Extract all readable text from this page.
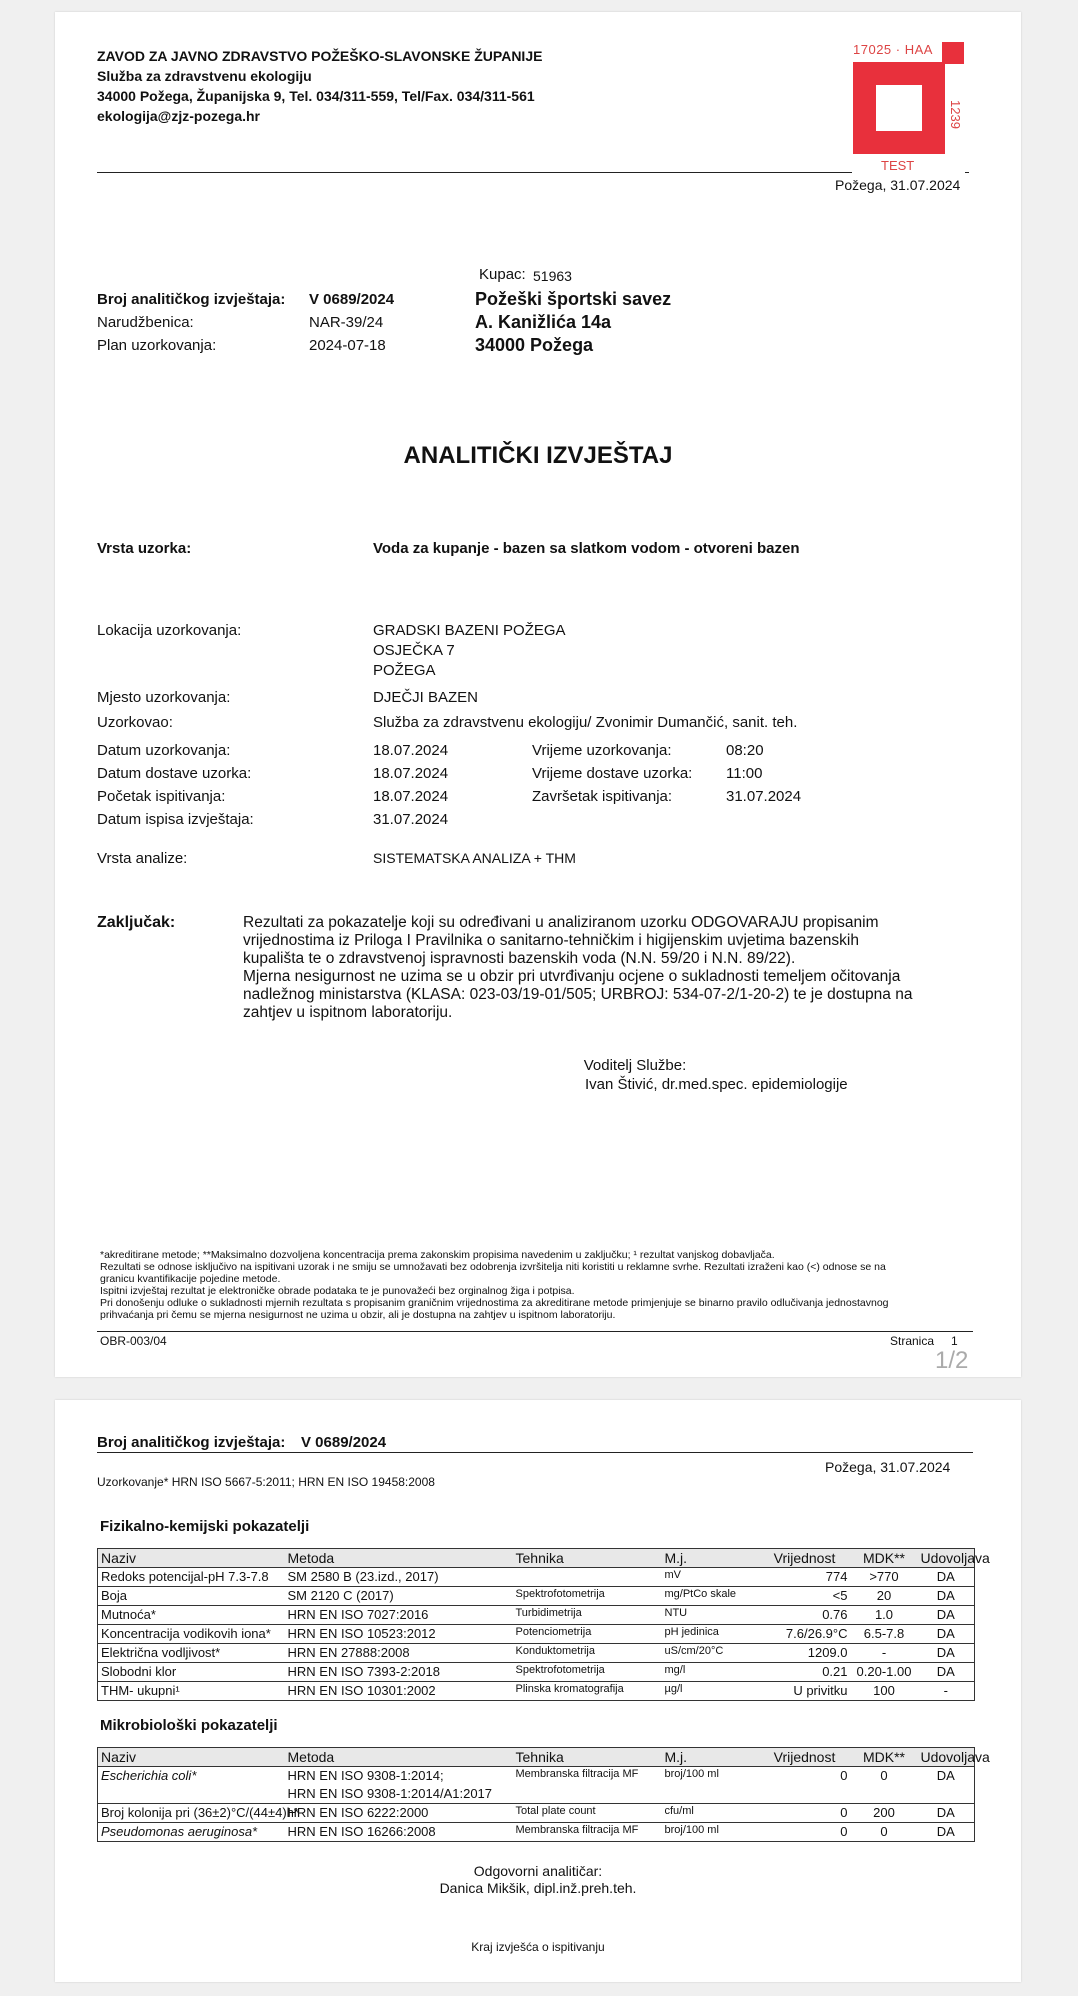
ZAVOD ZA JAVNO ZDRAVSTVO POŽEŠKO-SLAVONSKE ŽUPANIJE
Služba za zdravstvenu ekologiju
34000 Požega, Županijska 9, Tel. 034/311-559, Tel/Fax. 034/311-561
ekologija@zjz-pozega.hr
17025 · HAA
1239
TEST
Požega, 31.07.2024
Broj analitičkog izvještaja: V 0689/2024
Narudžbenica:	NAR-39/24
Plan uzorkovanja:	2024-07-18
Kupac: 51963
Požeški športski savez
A. Kanižlića 14a
34000 Požega
ANALITIČKI IZVJEŠTAJ
Vrsta uzorka:	Voda za kupanje - bazen sa slatkom vodom - otvoreni bazen
Lokacija uzorkovanja:	GRADSKI BAZENI POŽEGA
OSJEČKA 7
POŽEGA
Mjesto uzorkovanja:	DJEČJI BAZEN
Uzorkovao:	Služba za zdravstvenu ekologiju/ Zvonimir Dumančić, sanit. teh.
Datum uzorkovanja:	18.07.2024	Vrijeme uzorkovanja:	08:20
Datum dostave uzorka:	18.07.2024	Vrijeme dostave uzorka: 11:00
Početak ispitivanja:	18.07.2024	Završetak ispitivanja:	31.07.2024
Datum ispisa izvještaja:	31.07.2024
Vrsta analize:	SISTEMATSKA ANALIZA + THM
Zaključak:	Rezultati za pokazatelje koji su određivani u analiziranom uzorku ODGOVARAJU propisanim
vrijednostima iz Priloga I Pravilnika o sanitarno-tehničkim i higijenskim uvjetima bazenskih
kupališta te o zdravstvenoj ispravnosti bazenskih voda (N.N. 59/20 i N.N. 89/22).
Mjerna nesigurnost ne uzima se u obzir pri utvrđivanju ocjene o sukladnosti temeljem očitovanja
nadležnog ministarstva (KLASA: 023-03/19-01/505; URBROJ: 534-07-2/1-20-2) te je dostupna na
zahtjev u ispitnom laboratoriju.
Voditelj Službe:
Ivan Štivić, dr.med.spec. epidemiologije
*akreditirane metode; **Maksimalno dozvoljena koncentracija prema zakonskim propisima navedenim u zaključku; ¹ rezultat vanjskog dobavljača.
Rezultati se odnose isključivo na ispitivani uzorak i ne smiju se umnožavati bez odobrenja izvršitelja niti koristiti u reklamne svrhe. Rezultati izraženi kao (<) odnose se na
granicu kvantifikacije pojedine metode.
Ispitni izvještaj rezultat je elektroničke obrade podataka te je punovažeći bez orginalnog žiga i potpisa.
Pri donošenju odluke o sukladnosti mjernih rezultata s propisanim graničnim vrijednostima za akreditirane metode primjenjuje se binarno pravilo odlučivanja jednostavnog
prihvaćanja pri čemu se mjerna nesigurnost ne uzima u obzir, ali je dostupna na zahtjev u ispitnom laboratoriju.
OBR-003/04	Stranica 1
1/2
Broj analitičkog izvještaja: V 0689/2024
Požega, 31.07.2024
Uzorkovanje* HRN ISO 5667-5:2011; HRN EN ISO 19458:2008
Fizikalno-kemijski pokazatelji
Naziv	Metoda	Tehnika	M.j.	Vrijednost	MDK**	Udovoljava
Redoks potencijal-pH 7.3-7.8	SM 2580 B (23.izd., 2017)		mV	774	>770	DA
Boja	SM 2120 C (2017)	Spektrofotometrija	mg/PtCo skale	<5	20	DA
Mutnoća*	HRN EN ISO 7027:2016	Turbidimetrija	NTU	0.76	1.0	DA
Koncentracija vodikovih iona*	HRN EN ISO 10523:2012	Potenciometrija	pH jedinica	7.6/26.9°C	6.5-7.8	DA
Električna vodljivost*	HRN EN 27888:2008	Konduktometrija	uS/cm/20°C	1209.0	-	DA
Slobodni klor	HRN EN ISO 7393-2:2018	Spektrofotometrija	mg/l	0.21	0.20-1.00	DA
THM- ukupni¹	HRN EN ISO 10301:2002	Plinska kromatografija	µg/l	U privitku	100	-
Mikrobiološki pokazatelji
Naziv	Metoda	Tehnika	M.j.	Vrijednost	MDK**	Udovoljava
Escherichia coli*	HRN EN ISO 9308-1:2014;	Membranska filtracija MF	broj/100 ml	0	0	DA
	HRN EN ISO 9308-1:2014/A1:2017					
Broj kolonija pri (36±2)°C/(44±4)h*	HRN EN ISO 6222:2000	Total plate count	cfu/ml	0	200	DA
Pseudomonas aeruginosa*	HRN EN ISO 16266:2008	Membranska filtracija MF	broj/100 ml	0	0	DA
Odgovorni analitičar:
Danica Mikšik, dipl.inž.preh.teh.
Kraj izvješća o ispitivanju
